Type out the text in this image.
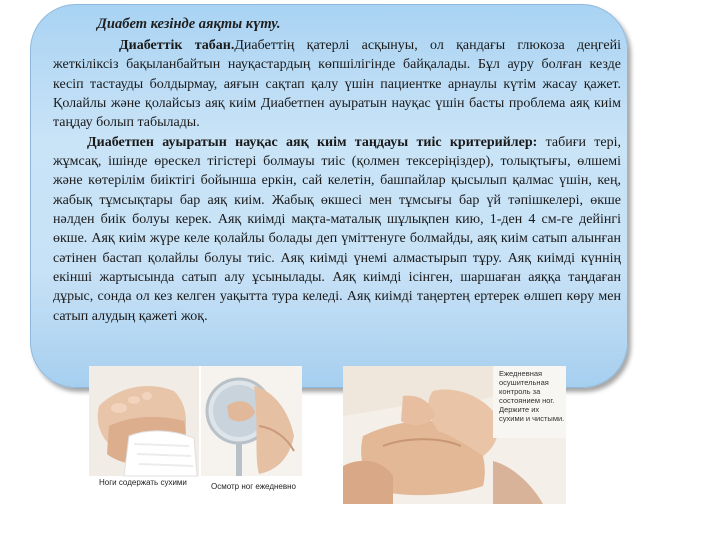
Диабет кезінде аяқты күту.

Диабеттік табан.Диабеттің қатерлі асқынуы, ол қандағы глюкоза деңгейі жеткіліксіз бақыланбайтын науқастардың көпшілігінде байқалады. Бұл ауру болған кезде кесіп тастауды болдырмау, аяғын сақтап қалу үшін пациентке арнаулы күтім жасау қажет. Қолайлы және қолайсыз аяқ киім Диабетпен ауыратын науқас үшін басты проблема аяқ киім таңдау болып табылады.

Диабетпен ауыратын науқас аяқ киім таңдауы тиіс критерийлер: табиғи тері, жұмсақ, ішінде өрескел тігістері болмауы тиіс (қолмен тексеріңіздер), толықтығы, өлшемі және көтерілім биіктігі бойынша еркін, сай келетін, башпайлар қысылып қалмас үшін, кең, жабық тұмсықтары бар аяқ киім. Жабық өкшесі мен тұмсығы бар үй тәпішкелері, өкше нәлден биік болуы керек. Аяқ киімді мақта-маталық шұлықпен кию, 1-ден 4 см-ге дейінгі өкше. Аяқ киім жүре келе қолайлы болады деп үміттенуге болмайды, аяқ киім сатып алынған сәтінен бастап қолайлы болуы тиіс. Аяқ киімді үнемі алмастырып тұру. Аяқ киімді күннің екінші жартысында сатып алу ұсынылады. Аяқ киімді ісінген, шаршаған аяққа таңдаған дұрыс, сонда ол кез келген уақытта тура келеді. Аяқ киімді таңертең ертерек өлшеп көру мен сатып алудың қажеті жоқ.

Ноги содержать сухими	Осмотр ног ежедневно
Ежедневная осушительная контроль за состоянием ног. Держите их сухими и чистыми.
